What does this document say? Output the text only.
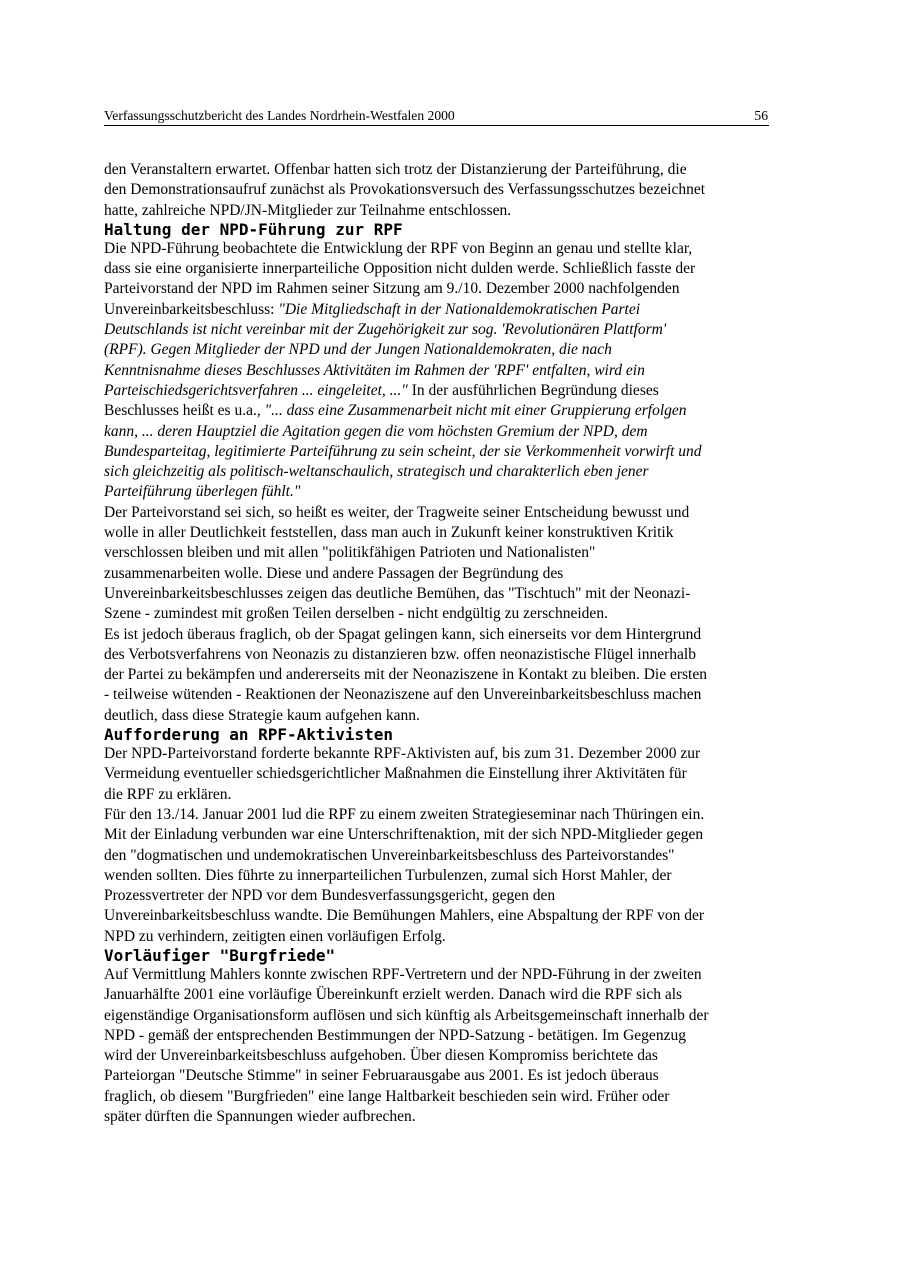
Verfassungsschutzbericht des Landes Nordrhein-Westfalen 2000	56

den Veranstaltern erwartet. Offenbar hatten sich trotz der Distanzierung der Parteiführung, die
den Demonstrationsaufruf zunächst als Provokationsversuch des Verfassungsschutzes bezeichnet
hatte, zahlreiche NPD/JN-Mitglieder zur Teilnahme entschlossen.

Haltung der NPD-Führung zur RPF

Die NPD-Führung beobachtete die Entwicklung der RPF von Beginn an genau und stellte klar,
dass sie eine organisierte innerparteiliche Opposition nicht dulden werde. Schließlich fasste der
Parteivorstand der NPD im Rahmen seiner Sitzung am 9./10. Dezember 2000 nachfolgenden
Unvereinbarkeitsbeschluss: "Die Mitgliedschaft in der Nationaldemokratischen Partei
Deutschlands ist nicht vereinbar mit der Zugehörigkeit zur sog. 'Revolutionären Plattform'
(RPF). Gegen Mitglieder der NPD und der Jungen Nationaldemokraten, die nach
Kenntnisnahme dieses Beschlusses Aktivitäten im Rahmen der 'RPF' entfalten, wird ein
Parteischiedsgerichtsverfahren ... eingeleitet, ..." In der ausführlichen Begründung dieses
Beschlusses heißt es u.a., "... dass eine Zusammenarbeit nicht mit einer Gruppierung erfolgen
kann, ... deren Hauptziel die Agitation gegen die vom höchsten Gremium der NPD, dem
Bundesparteitag, legitimierte Parteiführung zu sein scheint, der sie Verkommenheit vorwirft und
sich gleichzeitig als politisch-weltanschaulich, strategisch und charakterlich eben jener
Parteiführung überlegen fühlt."

Der Parteivorstand sei sich, so heißt es weiter, der Tragweite seiner Entscheidung bewusst und
wolle in aller Deutlichkeit feststellen, dass man auch in Zukunft keiner konstruktiven Kritik
verschlossen bleiben und mit allen "politikfähigen Patrioten und Nationalisten"
zusammenarbeiten wolle. Diese und andere Passagen der Begründung des
Unvereinbarkeitsbeschlusses zeigen das deutliche Bemühen, das "Tischtuch" mit der Neonazi-
Szene - zumindest mit großen Teilen derselben - nicht endgültig zu zerschneiden.

Es ist jedoch überaus fraglich, ob der Spagat gelingen kann, sich einerseits vor dem Hintergrund
des Verbotsverfahrens von Neonazis zu distanzieren bzw. offen neonazistische Flügel innerhalb
der Partei zu bekämpfen und andererseits mit der Neonaziszene in Kontakt zu bleiben. Die ersten
- teilweise wütenden - Reaktionen der Neonaziszene auf den Unvereinbarkeitsbeschluss machen
deutlich, dass diese Strategie kaum aufgehen kann.

Aufforderung an RPF-Aktivisten

Der NPD-Parteivorstand forderte bekannte RPF-Aktivisten auf, bis zum 31. Dezember 2000 zur
Vermeidung eventueller schiedsgerichtlicher Maßnahmen die Einstellung ihrer Aktivitäten für
die RPF zu erklären.

Für den 13./14. Januar 2001 lud die RPF zu einem zweiten Strategieseminar nach Thüringen ein.
Mit der Einladung verbunden war eine Unterschriftenaktion, mit der sich NPD-Mitglieder gegen
den "dogmatischen und undemokratischen Unvereinbarkeitsbeschluss des Parteivorstandes"
wenden sollten. Dies führte zu innerparteilichen Turbulenzen, zumal sich Horst Mahler, der
Prozessvertreter der NPD vor dem Bundesverfassungsgericht, gegen den
Unvereinbarkeitsbeschluss wandte. Die Bemühungen Mahlers, eine Abspaltung der RPF von der
NPD zu verhindern, zeitigten einen vorläufigen Erfolg.

Vorläufiger "Burgfriede"

Auf Vermittlung Mahlers konnte zwischen RPF-Vertretern und der NPD-Führung in der zweiten
Januarhälfte 2001 eine vorläufige Übereinkunft erzielt werden. Danach wird die RPF sich als
eigenständige Organisationsform auflösen und sich künftig als Arbeitsgemeinschaft innerhalb der
NPD - gemäß der entsprechenden Bestimmungen der NPD-Satzung - betätigen. Im Gegenzug
wird der Unvereinbarkeitsbeschluss aufgehoben. Über diesen Kompromiss berichtete das
Parteiorgan "Deutsche Stimme" in seiner Februarausgabe aus 2001. Es ist jedoch überaus
fraglich, ob diesem "Burgfrieden" eine lange Haltbarkeit beschieden sein wird. Früher oder
später dürften die Spannungen wieder aufbrechen.
